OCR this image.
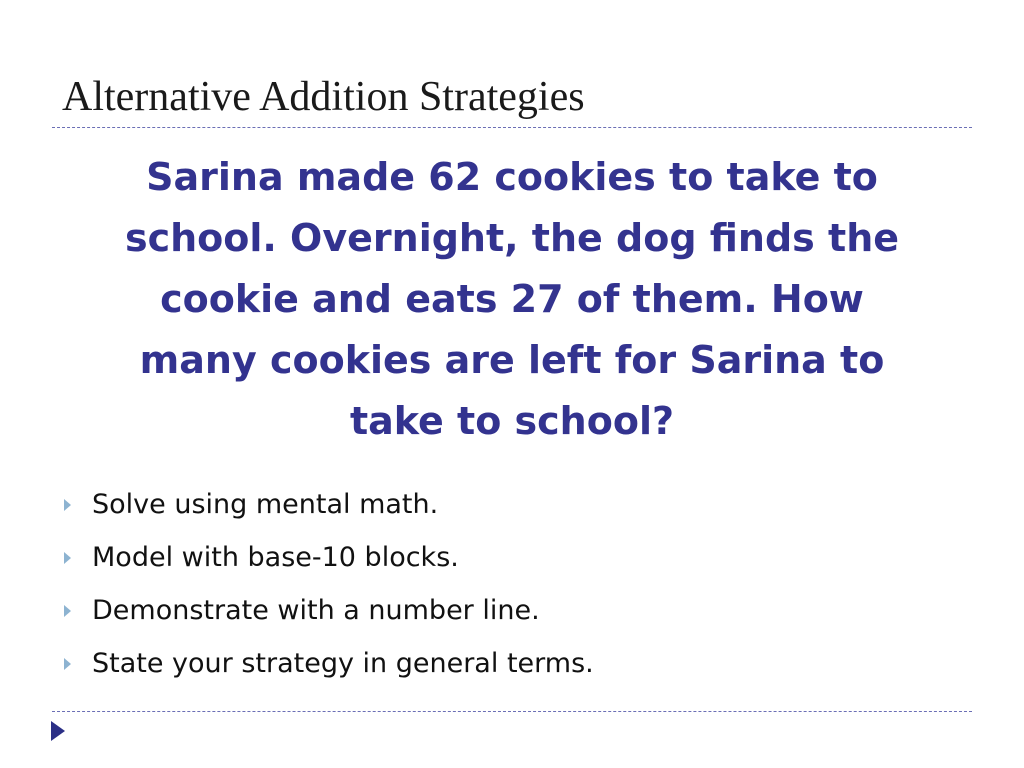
Alternative Addition Strategies

Sarina made 62 cookies to take to
school. Overnight, the dog finds the
cookie and eats 27 of them. How
many cookies are left for Sarina to
take to school?

Solve using mental math.
Model with base-10 blocks.
Demonstrate with a number line.
State your strategy in general terms.
